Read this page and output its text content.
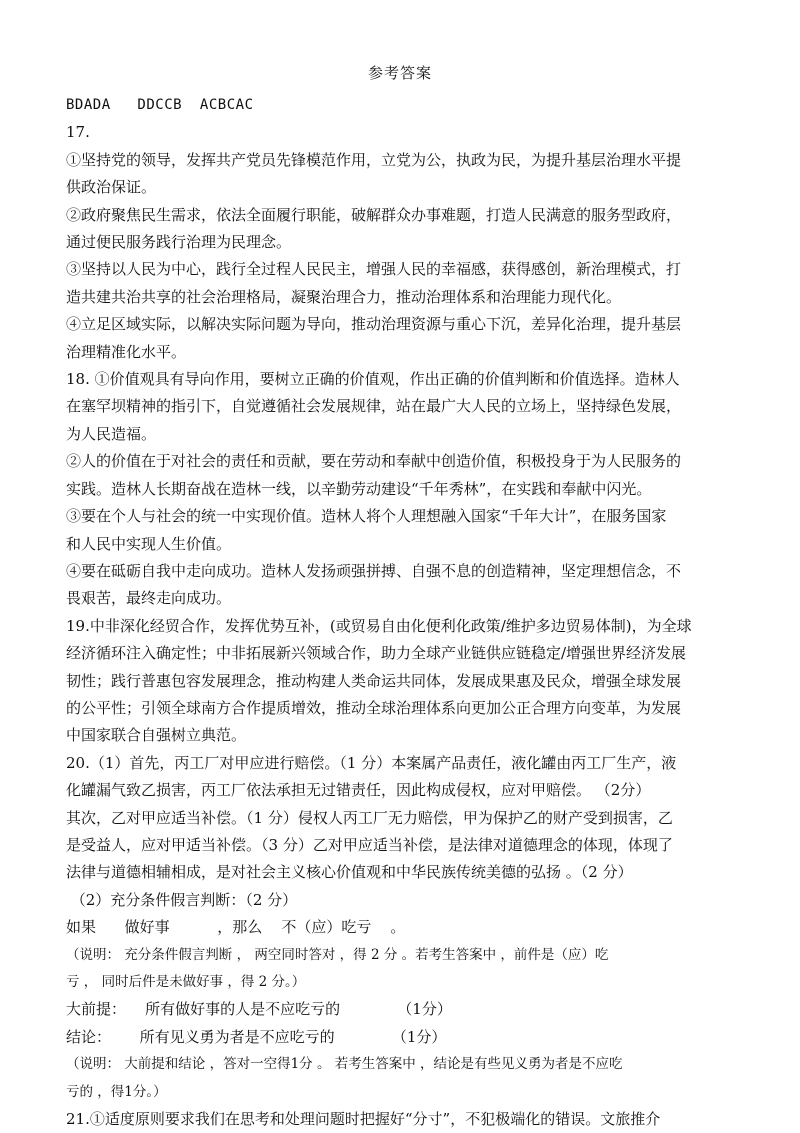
参考答案
BDADA   DDCCB  ACBCAC
17.
①坚持党的领导，发挥共产党员先锋模范作用，立党为公，执政为民，为提升基层治理水平提
供政治保证。
②政府聚焦民生需求，依法全面履行职能，破解群众办事难题，打造人民满意的服务型政府，
通过便民服务践行治理为民理念。
③坚持以人民为中心，践行全过程人民民主，增强人民的幸福感，获得感创，新治理模式，打
造共建共治共享的社会治理格局，凝聚治理合力，推动治理体系和治理能力现代化。
④立足区域实际，以解决实际问题为导向，推动治理资源与重心下沉，差异化治理，提升基层
治理精准化水平。
18. ①价值观具有导向作用，要树立正确的价值观，作出正确的价值判断和价值选择。造林人
在塞罕坝精神的指引下，自觉遵循社会发展规律，站在最广大人民的立场上，坚持绿色发展，
为人民造福。
②人的价值在于对社会的责任和贡献，要在劳动和奉献中创造价值，积极投身于为人民服务的
实践。造林人长期奋战在造林一线，以辛勤劳动建设“千年秀林”，在实践和奉献中闪光。
③要在个人与社会的统一中实现价值。造林人将个人理想融入国家“千年大计”，在服务国家
和人民中实现人生价值。
④要在砥砺自我中走向成功。造林人发扬顽强拼搏、自强不息的创造精神，坚定理想信念，不
畏艰苦，最终走向成功。
19.中非深化经贸合作，发挥优势互补，(或贸易自由化便利化政策/维护多边贸易体制)，为全球
经济循环注入确定性；中非拓展新兴领域合作，助力全球产业链供应链稳定/增强世界经济发展
韧性；践行普惠包容发展理念，推动构建人类命运共同体，发展成果惠及民众，增强全球发展
的公平性；引领全球南方合作提质增效，推动全球治理体系向更加公正合理方向变革，为发展
中国家联合自强树立典范。
20.（1）首先，丙工厂对甲应进行赔偿。（1 分）本案属产品责任，液化罐由丙工厂生产，液
化罐漏气致乙损害，丙工厂依法承担无过错责任，因此构成侵权，应对甲赔偿。 （2分）
其次，乙对甲应适当补偿。（1 分）侵权人丙工厂无力赔偿，甲为保护乙的财产受到损害，乙
是受益人，应对甲适当补偿。（3 分）乙对甲应适当补偿，是法律对道德理念的体现，体现了
法律与道德相辅相成，是对社会主义核心价值观和中华民族传统美德的弘扬 。（2 分）
（2）充分条件假言判断：（2 分）
如果      做好事          ，那么    不（应）吃亏    。
（说明： 充分条件假言判断 ， 两空同时答对 ，得 2 分 。若考生答案中 ，前件是（应）吃
亏 ， 同时后件是未做好事 ，得 2 分。）
大前提：    所有做好事的人是不应吃亏的            （1分）
结论：      所有见义勇为者是不应吃亏的            （1分）
（说明： 大前提和结论 ，答对一空得1分 。 若考生答案中 ，结论是有些见义勇为者是不应吃
亏的 ，得1分。）
21.①适度原则要求我们在思考和处理问题时把握好“分寸”，不犯极端化的错误。文旅推介
